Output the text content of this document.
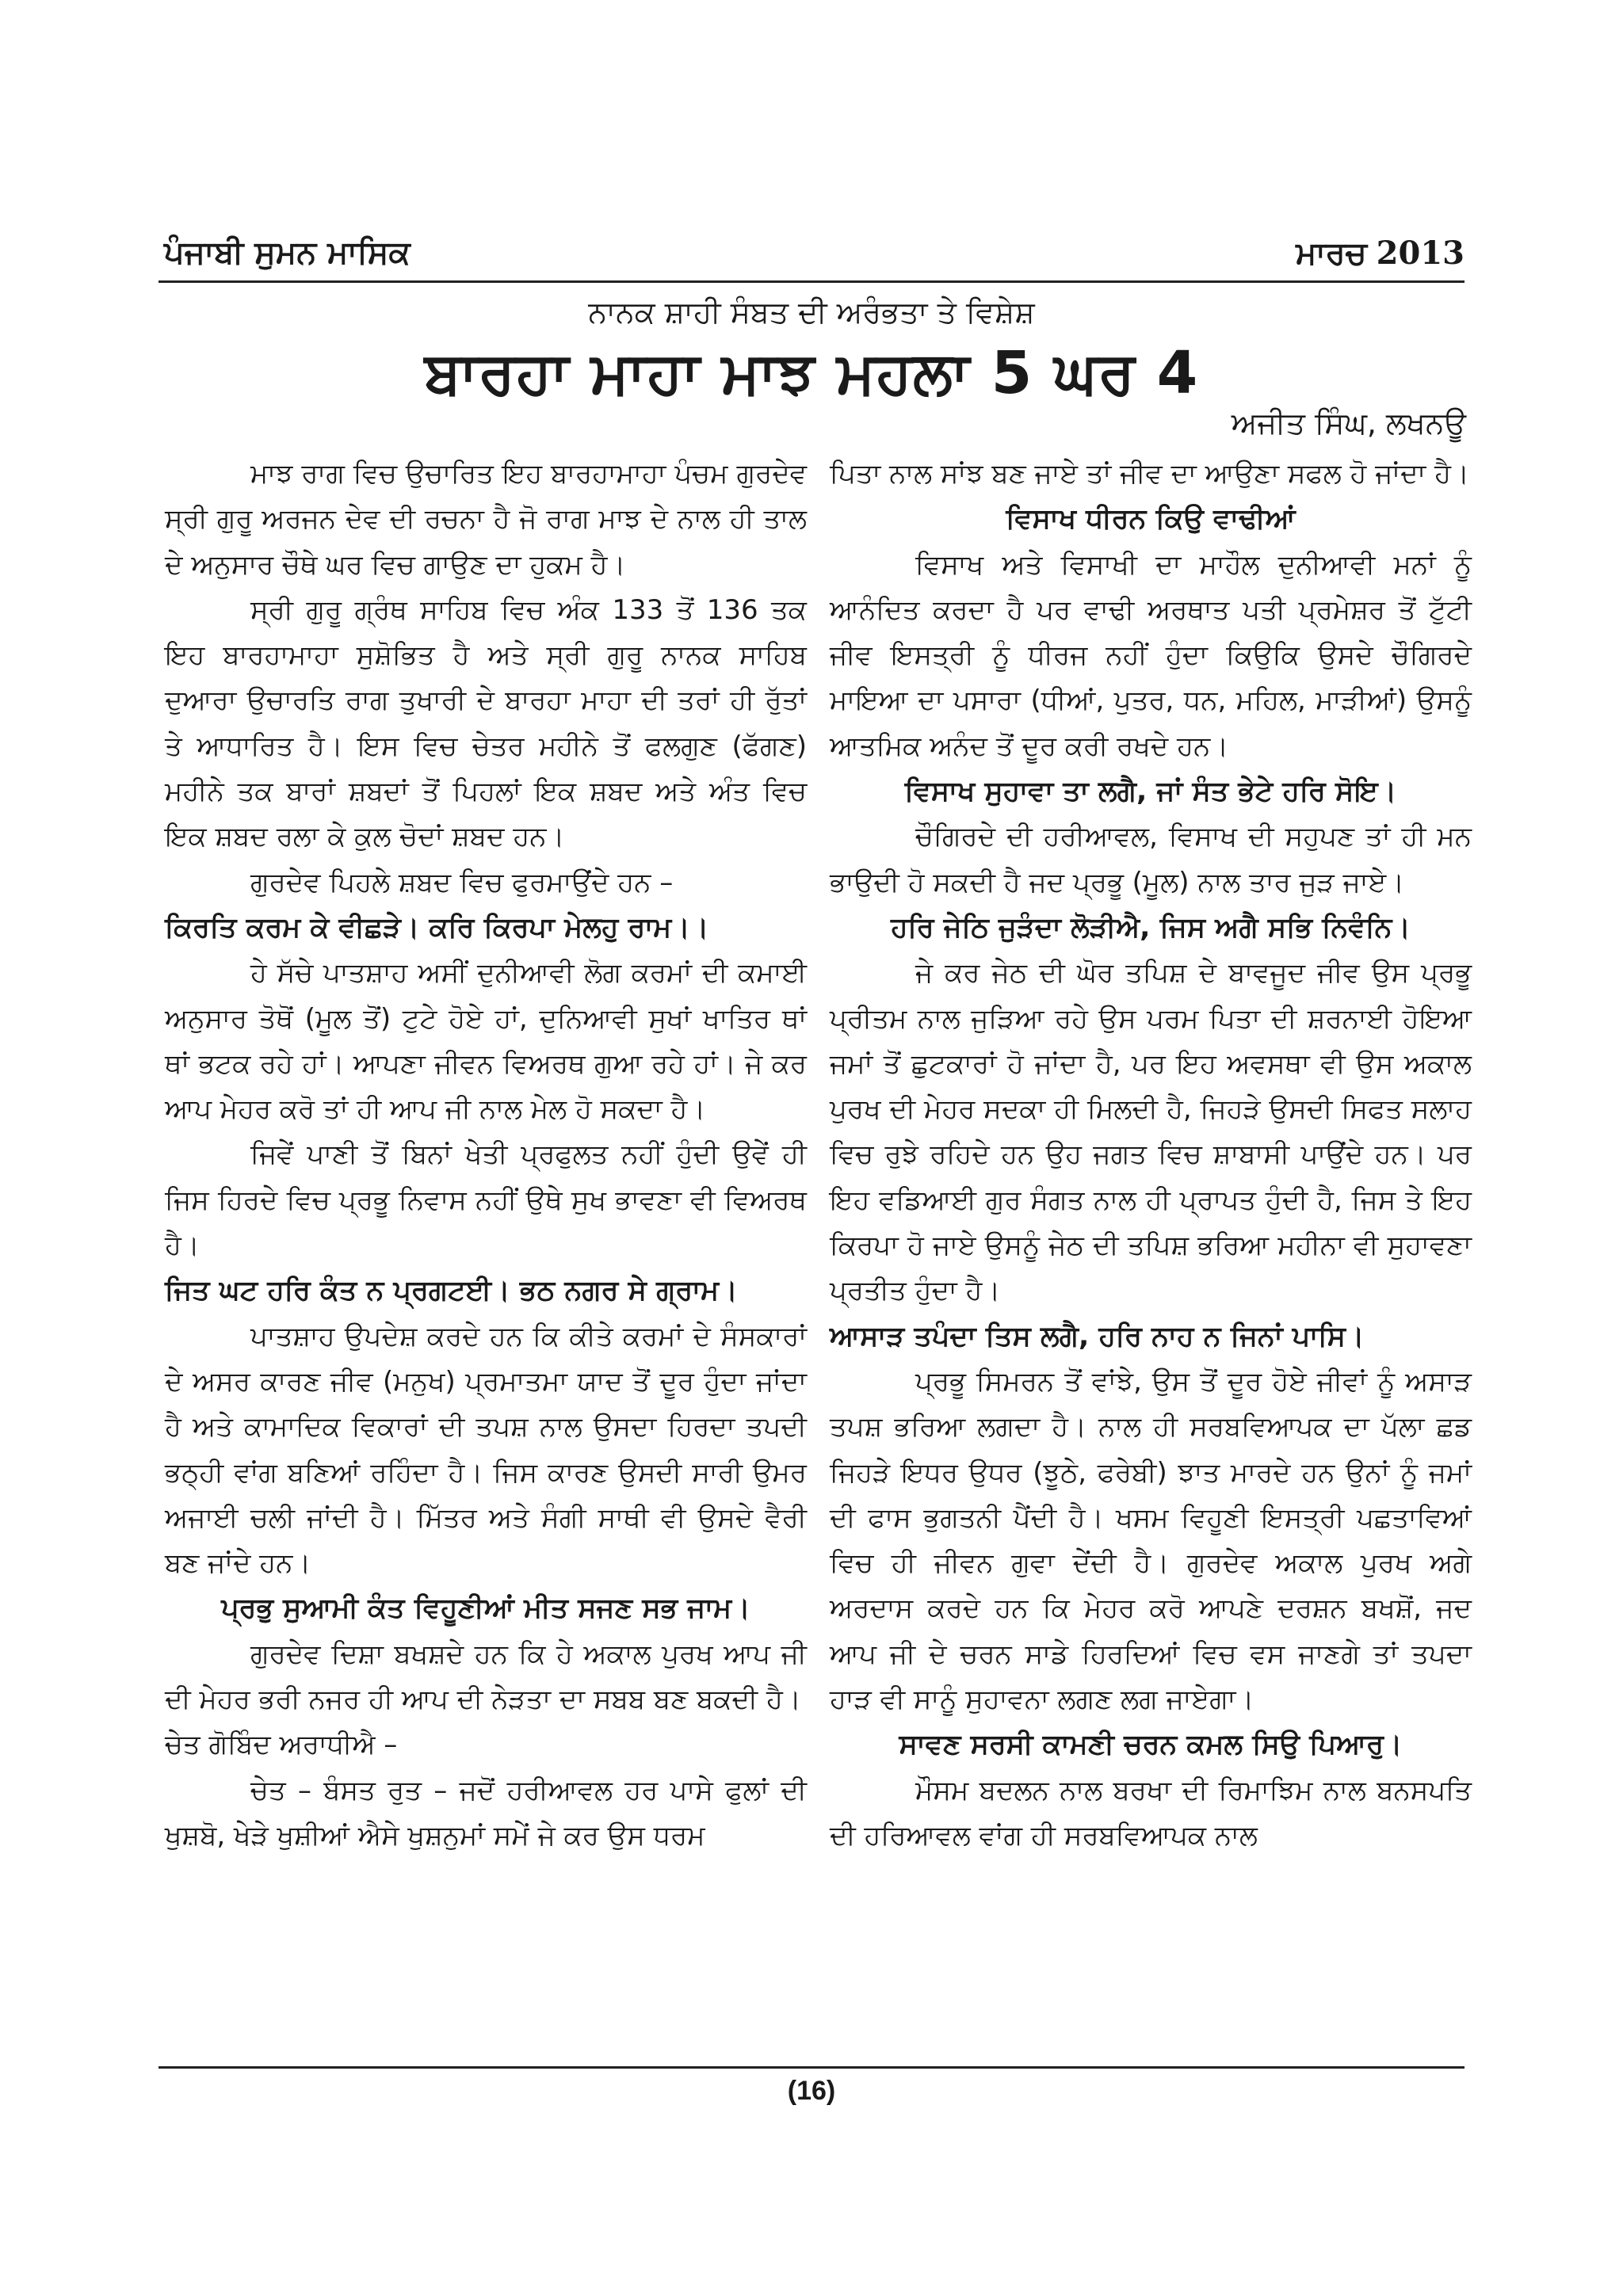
ਪੰਜਾਬੀ ਸੁਮਨ ਮਾਸਿਕ	ਮਾਰਚ 2013
ਨਾਨਕ ਸ਼ਾਹੀ ਸੰਬਤ ਦੀ ਅਰੰਭਤਾ ਤੇ ਵਿਸ਼ੇਸ਼
ਬਾਰਹਾ ਮਾਹਾ ਮਾਝ ਮਹਲਾ 5 ਘਰ 4
ਅਜੀਤ ਸਿੰਘ, ਲਖਨਊ

ਮਾਝ ਰਾਗ ਵਿਚ ਉਚਾਰਿਤ ਇਹ ਬਾਰਹਾਮਾਹਾ ਪੰਚਮ ਗੁਰਦੇਵ ਸ੍ਰੀ ਗੁਰੂ ਅਰਜਨ ਦੇਵ ਦੀ ਰਚਨਾ ਹੈ ਜੋ ਰਾਗ ਮਾਝ ਦੇ ਨਾਲ ਹੀ ਤਾਲ ਦੇ ਅਨੁਸਾਰ ਚੌਥੇ ਘਰ ਵਿਚ ਗਾਉਣ ਦਾ ਹੁਕਮ ਹੈ।

ਸ੍ਰੀ ਗੁਰੂ ਗ੍ਰੰਥ ਸਾਹਿਬ ਵਿਚ ਅੰਕ 133 ਤੋਂ 136 ਤਕ ਇਹ ਬਾਰਹਾਮਾਹਾ ਸੁਸ਼ੋਭਿਤ ਹੈ ਅਤੇ ਸ੍ਰੀ ਗੁਰੂ ਨਾਨਕ ਸਾਹਿਬ ਦੁਆਰਾ ਉਚਾਰਤਿ ਰਾਗ ਤੁਖਾਰੀ ਦੇ ਬਾਰਹਾ ਮਾਹਾ ਦੀ ਤਰਾਂ ਹੀ ਰੁੱਤਾਂ ਤੇ ਆਧਾਰਿਤ ਹੈ। ਇਸ ਵਿਚ ਚੇਤਰ ਮਹੀਨੇ ਤੋਂ ਫਲਗੁਣ (ਫੱਗਣ) ਮਹੀਨੇ ਤਕ ਬਾਰਾਂ ਸ਼ਬਦਾਂ ਤੋਂ ਪਿਹਲਾਂ ਇਕ ਸ਼ਬਦ ਅਤੇ ਅੰਤ ਵਿਚ ਇਕ ਸ਼ਬਦ ਰਲਾ ਕੇ ਕੁਲ ਚੋਦਾਂ ਸ਼ਬਦ ਹਨ।

ਗੁਰਦੇਵ ਪਿਹਲੇ ਸ਼ਬਦ ਵਿਚ ਫੁਰਮਾਉਂਦੇ ਹਨ –

ਕਿਰਤਿ ਕਰਮ ਕੇ ਵੀਛੜੇ। ਕਰਿ ਕਿਰਪਾ ਮੇਲਹੁ ਰਾਮ।।

ਹੇ ਸੱਚੇ ਪਾਤਸ਼ਾਹ ਅਸੀਂ ਦੁਨੀਆਵੀ ਲੋਗ ਕਰਮਾਂ ਦੀ ਕਮਾਈ ਅਨੁਸਾਰ ਤੋਥੋਂ (ਮੂਲ ਤੋਂ) ਟੁਟੇ ਹੋਏ ਹਾਂ, ਦੁਨਿਆਵੀ ਸੁਖਾਂ ਖਾਤਿਰ ਥਾਂ ਥਾਂ ਭਟਕ ਰਹੇ ਹਾਂ। ਆਪਣਾ ਜੀਵਨ ਵਿਅਰਥ ਗੁਆ ਰਹੇ ਹਾਂ। ਜੇ ਕਰ ਆਪ ਮੇਹਰ ਕਰੋ ਤਾਂ ਹੀ ਆਪ ਜੀ ਨਾਲ ਮੇਲ ਹੋ ਸਕਦਾ ਹੈ।

ਜਿਵੇਂ ਪਾਣੀ ਤੋਂ ਬਿਨਾਂ ਖੇਤੀ ਪ੍ਰਫੁਲਤ ਨਹੀਂ ਹੁੰਦੀ ਉਵੇਂ ਹੀ ਜਿਸ ਹਿਰਦੇ ਵਿਚ ਪ੍ਰਭੂ ਨਿਵਾਸ ਨਹੀਂ ਉਥੇ ਸੁਖ ਭਾਵਣਾ ਵੀ ਵਿਅਰਥ ਹੈ।

ਜਿਤ ਘਟ ਹਰਿ ਕੰਤ ਨ ਪ੍ਰਗਟਈ। ਭਠ ਨਗਰ ਸੇ ਗ੍ਰਾਮ।

ਪਾਤਸ਼ਾਹ ਉਪਦੇਸ਼ ਕਰਦੇ ਹਨ ਕਿ ਕੀਤੇ ਕਰਮਾਂ ਦੇ ਸੰਸਕਾਰਾਂ ਦੇ ਅਸਰ ਕਾਰਣ ਜੀਵ (ਮਨੁਖ) ਪ੍ਰਮਾਤਮਾ ਯਾਦ ਤੋਂ ਦੂਰ ਹੁੰਦਾ ਜਾਂਦਾ ਹੈ ਅਤੇ ਕਾਮਾਦਿਕ ਵਿਕਾਰਾਂ ਦੀ ਤਪਸ਼ ਨਾਲ ਉਸਦਾ ਹਿਰਦਾ ਤਪਦੀ ਭਠ੍ਹੀ ਵਾਂਗ ਬਣਿਆਂ ਰਹਿੰਦਾ ਹੈ। ਜਿਸ ਕਾਰਣ ਉਸਦੀ ਸਾਰੀ ਉਮਰ ਅਜਾਈ ਚਲੀ ਜਾਂਦੀ ਹੈ। ਮਿੱਤਰ ਅਤੇ ਸੰਗੀ ਸਾਥੀ ਵੀ ਉਸਦੇ ਵੈਰੀ ਬਣ ਜਾਂਦੇ ਹਨ।

ਪ੍ਰਭੁ ਸੁਆਮੀ ਕੰਤ ਵਿਹੂਣੀਆਂ ਮੀਤ ਸਜਣ ਸਭ ਜਾਮ।

ਗੁਰਦੇਵ ਦਿਸ਼ਾ ਬਖਸ਼ਦੇ ਹਨ ਕਿ ਹੇ ਅਕਾਲ ਪੁਰਖ ਆਪ ਜੀ ਦੀ ਮੇਹਰ ਭਰੀ ਨਜਰ ਹੀ ਆਪ ਦੀ ਨੇੜਤਾ ਦਾ ਸਬਬ ਬਣ ਬਕਦੀ ਹੈ।

ਚੇਤ ਗੋਬਿੰਦ ਅਰਾਧੀਐ –

ਚੇਤ – ਬੰਸਤ ਰੁਤ – ਜਦੋਂ ਹਰੀਆਵਲ ਹਰ ਪਾਸੇ ਫੁਲਾਂ ਦੀ ਖੁਸ਼ਬੋ, ਖੇੜੇ ਖੁਸ਼ੀਆਂ ਐਸੇ ਖੁਸ਼ਨੁਮਾਂ ਸਮੇਂ ਜੇ ਕਰ ਉਸ ਧਰਮ

ਪਿਤਾ ਨਾਲ ਸਾਂਝ ਬਣ ਜਾਏ ਤਾਂ ਜੀਵ ਦਾ ਆਉਣਾ ਸਫਲ ਹੋ ਜਾਂਦਾ ਹੈ।

ਵਿਸਾਖ ਧੀਰਨ ਕਿਉ ਵਾਢੀਆਂ

ਵਿਸਾਖ ਅਤੇ ਵਿਸਾਖੀ ਦਾ ਮਾਹੌਲ ਦੁਨੀਆਵੀ ਮਨਾਂ ਨੂੰ ਆਨੰਦਿਤ ਕਰਦਾ ਹੈ ਪਰ ਵਾਢੀ ਅਰਥਾਤ ਪਤੀ ਪ੍ਰਮੇਸ਼ਰ ਤੋਂ ਟੁੱਟੀ ਜੀਵ ਇਸਤ੍ਰੀ ਨੂੰ ਧੀਰਜ ਨਹੀਂ ਹੁੰਦਾ ਕਿਉਕਿ ਉਸਦੇ ਚੌਗਿਰਦੇ ਮਾਇਆ ਦਾ ਪਸਾਰਾ (ਧੀਆਂ, ਪੁਤਰ, ਧਨ, ਮਹਿਲ, ਮਾੜੀਆਂ) ਉਸਨੂੰ ਆਤਮਿਕ ਅਨੰਦ ਤੋਂ ਦੂਰ ਕਰੀ ਰਖਦੇ ਹਨ।

ਵਿਸਾਖ ਸੁਹਾਵਾ ਤਾ ਲਗੈ, ਜਾਂ ਸੰਤ ਭੇਟੇ ਹਰਿ ਸੋਇ।

ਚੌਗਿਰਦੇ ਦੀ ਹਰੀਆਵਲ, ਵਿਸਾਖ ਦੀ ਸਹੁਪਣ ਤਾਂ ਹੀ ਮਨ ਭਾਉਦੀ ਹੋ ਸਕਦੀ ਹੈ ਜਦ ਪ੍ਰਭੂ (ਮੂਲ) ਨਾਲ ਤਾਰ ਜੁੜ ਜਾਏ।

ਹਰਿ ਜੇਠਿ ਜੁੜੰਦਾ ਲੋੜੀਐ, ਜਿਸ ਅਗੈ ਸਭਿ ਨਿਵੰਨਿ।

ਜੇ ਕਰ ਜੇਠ ਦੀ ਘੋਰ ਤਪਿਸ਼ ਦੇ ਬਾਵਜੂਦ ਜੀਵ ਉਸ ਪ੍ਰਭੂ ਪ੍ਰੀਤਮ ਨਾਲ ਜੁੜਿਆ ਰਹੇ ਉਸ ਪਰਮ ਪਿਤਾ ਦੀ ਸ਼ਰਨਾਈ ਹੋਇਆ ਜਮਾਂ ਤੋਂ ਛੁਟਕਾਰਾਂ ਹੋ ਜਾਂਦਾ ਹੈ, ਪਰ ਇਹ ਅਵਸਥਾ ਵੀ ਉਸ ਅਕਾਲ ਪੁਰਖ ਦੀ ਮੇਹਰ ਸਦਕਾ ਹੀ ਮਿਲਦੀ ਹੈ, ਜਿਹੜੇ ਉਸਦੀ ਸਿਫਤ ਸਲਾਹ ਵਿਚ ਰੁਝੇ ਰਹਿਦੇ ਹਨ ਉਹ ਜਗਤ ਵਿਚ ਸ਼ਾਬਾਸੀ ਪਾਉਂਦੇ ਹਨ। ਪਰ ਇਹ ਵਡਿਆਈ ਗੁਰ ਸੰਗਤ ਨਾਲ ਹੀ ਪ੍ਰਾਪਤ ਹੁੰਦੀ ਹੈ, ਜਿਸ ਤੇ ਇਹ ਕਿਰਪਾ ਹੋ ਜਾਏ ਉਸਨੂੰ ਜੇਠ ਦੀ ਤਪਿਸ਼ ਭਰਿਆ ਮਹੀਨਾ ਵੀ ਸੁਹਾਵਣਾ ਪ੍ਰਤੀਤ ਹੁੰਦਾ ਹੈ।

ਆਸਾੜ ਤਪੰਦਾ ਤਿਸ ਲਗੈ, ਹਰਿ ਨਾਹ ਨ ਜਿਨਾਂ ਪਾਸਿ।

ਪ੍ਰਭੂ ਸਿਮਰਨ ਤੋਂ ਵਾਂਝੇ, ਉਸ ਤੋਂ ਦੂਰ ਹੋਏ ਜੀਵਾਂ ਨੂੰ ਅਸਾੜ ਤਪਸ਼ ਭਰਿਆ ਲਗਦਾ ਹੈ। ਨਾਲ ਹੀ ਸਰਬਵਿਆਪਕ ਦਾ ਪੱਲਾ ਛਡ ਜਿਹੜੇ ਇਧਰ ਉਧਰ (ਝੂਠੇ, ਫਰੇਬੀ) ਝਾਤ ਮਾਰਦੇ ਹਨ ਉਨਾਂ ਨੂੰ ਜਮਾਂ ਦੀ ਫਾਸ ਭੁਗਤਨੀ ਪੈਂਦੀ ਹੈ। ਖਸਮ ਵਿਹੂਣੀ ਇਸਤ੍ਰੀ ਪਛਤਾਵਿਆਂ ਵਿਚ ਹੀ ਜੀਵਨ ਗੁਵਾ ਦੇਂਦੀ ਹੈ। ਗੁਰਦੇਵ ਅਕਾਲ ਪੁਰਖ ਅਗੇ ਅਰਦਾਸ ਕਰਦੇ ਹਨ ਕਿ ਮੇਹਰ ਕਰੋ ਆਪਣੇ ਦਰਸ਼ਨ ਬਖਸ਼ੋਂ, ਜਦ ਆਪ ਜੀ ਦੇ ਚਰਨ ਸਾਡੇ ਹਿਰਦਿਆਂ ਵਿਚ ਵਸ ਜਾਣਗੇ ਤਾਂ ਤਪਦਾ ਹਾੜ ਵੀ ਸਾਨੂੰ ਸੁਹਾਵਨਾ ਲਗਣ ਲਗ ਜਾਏਗਾ।

ਸਾਵਣ ਸਰਸੀ ਕਾਮਣੀ ਚਰਨ ਕਮਲ ਸਿਉ ਪਿਆਰੁ।

ਮੌਸਮ ਬਦਲਨ ਨਾਲ ਬਰਖਾ ਦੀ ਰਿਮਾਝਿਮ ਨਾਲ ਬਨਸਪਤਿ ਦੀ ਹਰਿਆਵਲ ਵਾਂਗ ਹੀ ਸਰਬਵਿਆਪਕ ਨਾਲ

(16)
